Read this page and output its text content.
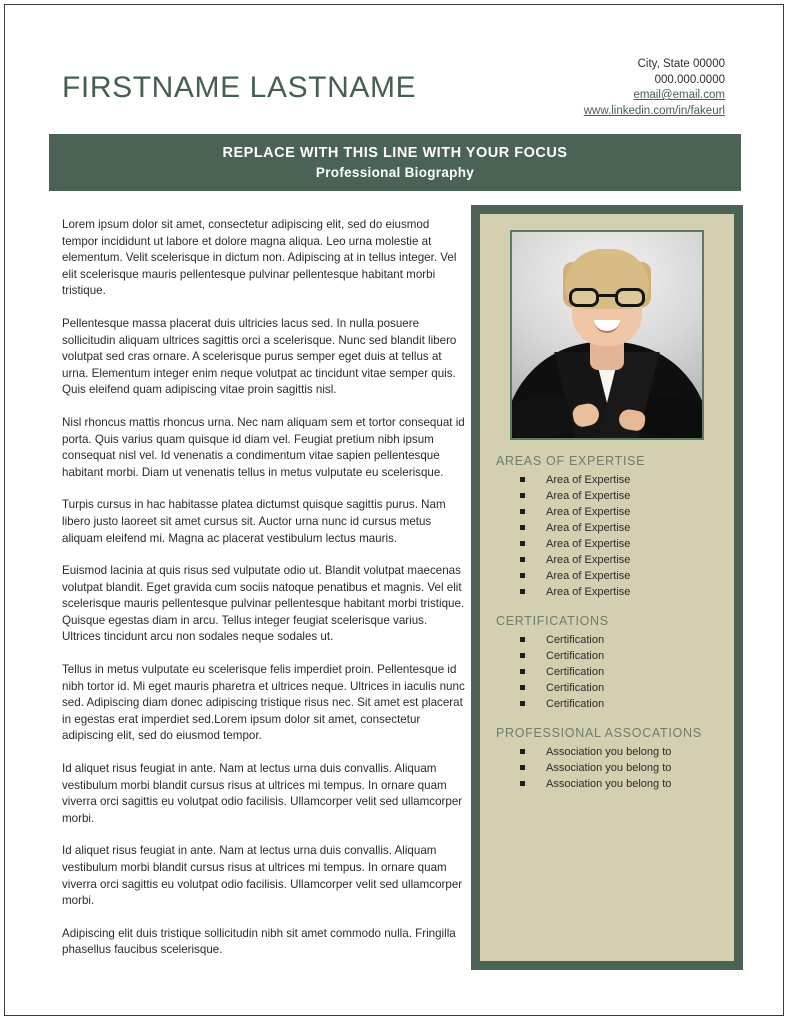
FIRSTNAME LASTNAME
City, State 00000
000.000.0000
email@email.com
www.linkedin.com/in/fakeurl
REPLACE WITH THIS LINE WITH YOUR FOCUS
Professional Biography

Lorem ipsum dolor sit amet, consectetur adipiscing elit, sed do eiusmod tempor incididunt ut labore et dolore magna aliqua. Leo urna molestie at elementum. Velit scelerisque in dictum non. Adipiscing at in tellus integer. Vel elit scelerisque mauris pellentesque pulvinar pellentesque habitant morbi tristique.

Pellentesque massa placerat duis ultricies lacus sed. In nulla posuere sollicitudin aliquam ultrices sagittis orci a scelerisque. Nunc sed blandit libero volutpat sed cras ornare. A scelerisque purus semper eget duis at tellus at urna. Elementum integer enim neque volutpat ac tincidunt vitae semper quis. Quis eleifend quam adipiscing vitae proin sagittis nisl.

Nisl rhoncus mattis rhoncus urna. Nec nam aliquam sem et tortor consequat id porta. Quis varius quam quisque id diam vel. Feugiat pretium nibh ipsum consequat nisl vel. Id venenatis a condimentum vitae sapien pellentesque habitant morbi. Diam ut venenatis tellus in metus vulputate eu scelerisque.

Turpis cursus in hac habitasse platea dictumst quisque sagittis purus. Nam libero justo laoreet sit amet cursus sit. Auctor urna nunc id cursus metus aliquam eleifend mi. Magna ac placerat vestibulum lectus mauris.

Euismod lacinia at quis risus sed vulputate odio ut. Blandit volutpat maecenas volutpat blandit. Eget gravida cum sociis natoque penatibus et magnis. Vel elit scelerisque mauris pellentesque pulvinar pellentesque habitant morbi tristique. Quisque egestas diam in arcu. Tellus integer feugiat scelerisque varius. Ultrices tincidunt arcu non sodales neque sodales ut.

Tellus in metus vulputate eu scelerisque felis imperdiet proin. Pellentesque id nibh tortor id. Mi eget mauris pharetra et ultrices neque. Ultrices in iaculis nunc sed. Adipiscing diam donec adipiscing tristique risus nec. Sit amet est placerat in egestas erat imperdiet sed.Lorem ipsum dolor sit amet, consectetur adipiscing elit, sed do eiusmod tempor.

Id aliquet risus feugiat in ante. Nam at lectus urna duis convallis. Aliquam vestibulum morbi blandit cursus risus at ultrices mi tempus. In ornare quam viverra orci sagittis eu volutpat odio facilisis. Ullamcorper velit sed ullamcorper morbi.

Id aliquet risus feugiat in ante. Nam at lectus urna duis convallis. Aliquam vestibulum morbi blandit cursus risus at ultrices mi tempus. In ornare quam viverra orci sagittis eu volutpat odio facilisis. Ullamcorper velit sed ullamcorper morbi.

Adipiscing elit duis tristique sollicitudin nibh sit amet commodo nulla. Fringilla phasellus faucibus scelerisque.

AREAS OF EXPERTISE
Area of Expertise
Area of Expertise
Area of Expertise
Area of Expertise
Area of Expertise
Area of Expertise
Area of Expertise
Area of Expertise
CERTIFICATIONS
Certification
Certification
Certification
Certification
Certification
PROFESSIONAL ASSOCATIONS
Association you belong to
Association you belong to
Association you belong to
